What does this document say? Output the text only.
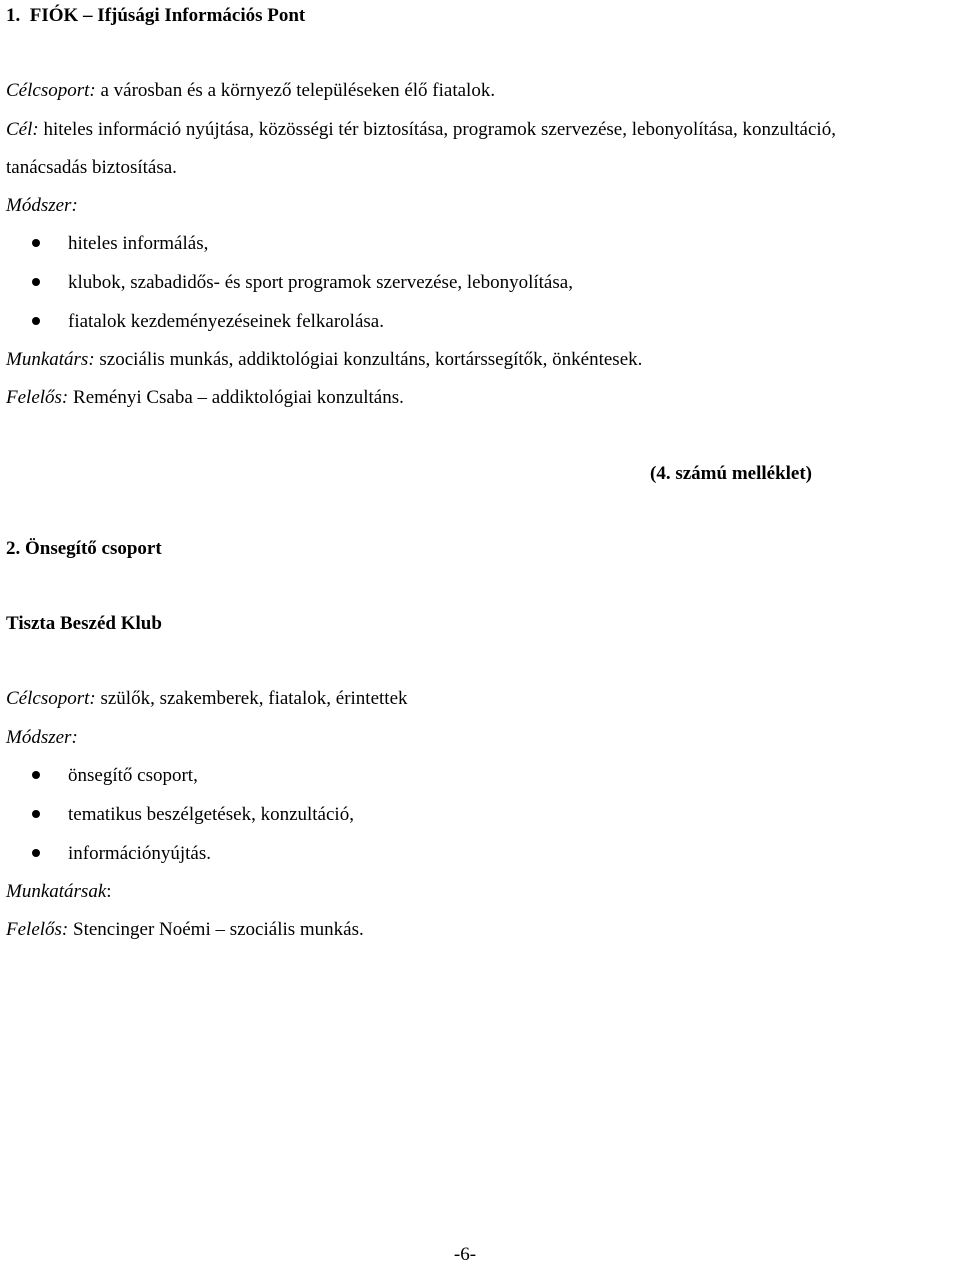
1.  FIÓK – Ifjúsági Információs Pont
Célcsoport: a városban és a környező településeken élő fiatalok.
Cél: hiteles információ nyújtása, közösségi tér biztosítása, programok szervezése, lebonyolítása, konzultáció,
tanácsadás biztosítása.
Módszer:
hiteles informálás,
klubok, szabadidős- és sport programok szervezése, lebonyolítása,
fiatalok kezdeményezéseinek felkarolása.
Munkatárs: szociális munkás, addiktológiai konzultáns, kortárssegítők, önkéntesek.
Felelős: Reményi Csaba – addiktológiai konzultáns.
(4. számú melléklet)
2. Önsegítő csoport
Tiszta Beszéd Klub
Célcsoport: szülők, szakemberek, fiatalok, érintettek
Módszer:
önsegítő csoport,
tematikus beszélgetések, konzultáció,
információnyújtás.
Munkatársak:
Felelős: Stencinger Noémi – szociális munkás.
-6-
